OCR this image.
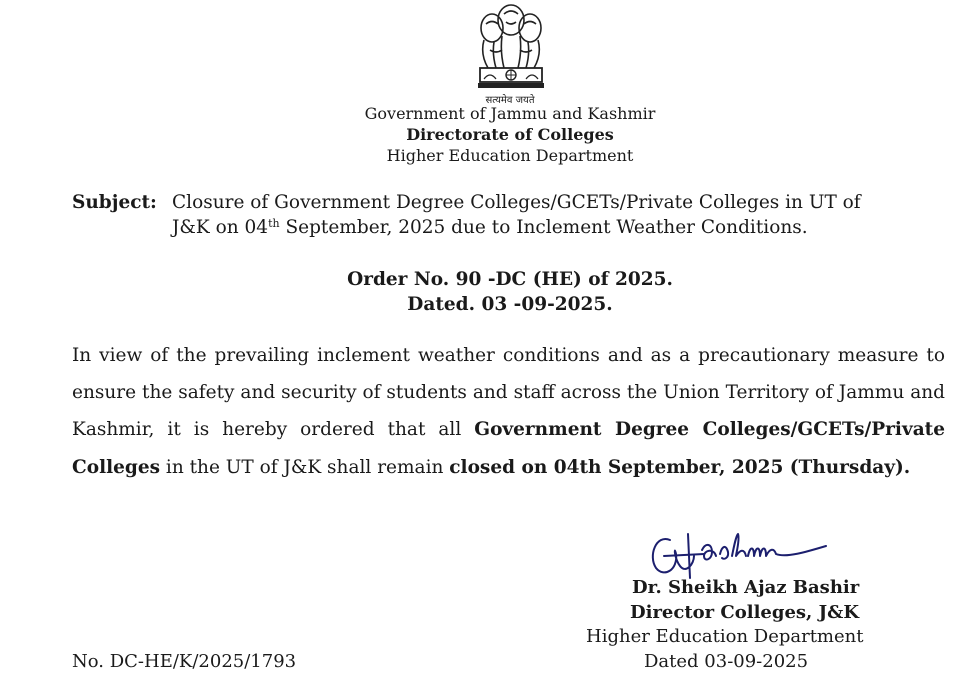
सत्यमेव जयते
Government of Jammu and Kashmir
Directorate of Colleges
Higher Education Department
Subject: Closure of Government Degree Colleges/GCETs/Private Colleges in UT of
J&K on 04th September, 2025 due to Inclement Weather Conditions.
Order No. 90 -DC (HE) of 2025.
Dated. 03 -09-2025.
In view of the prevailing inclement weather conditions and as a precautionary measure to ensure the safety and security of students and staff across the Union Territory of Jammu and Kashmir, it is hereby ordered that all Government Degree Colleges/GCETs/Private Colleges in the UT of J&K shall remain closed on 04th September, 2025 (Thursday).
Dr. Sheikh Ajaz Bashir
Director Colleges, J&K
Higher Education Department
Dated 03-09-2025
No. DC-HE/K/2025/1793
